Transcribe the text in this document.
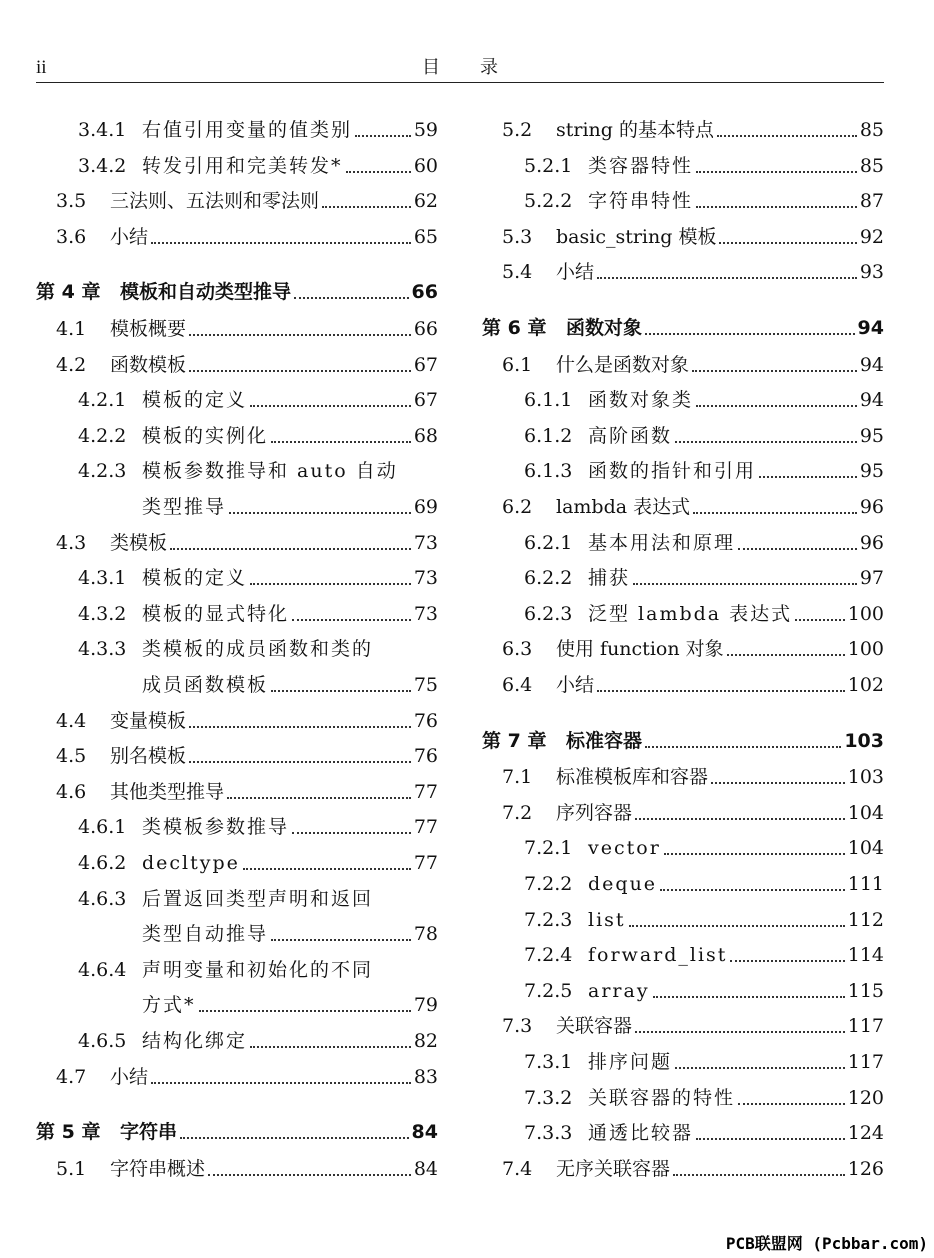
ii	目录
3.4.1 右值引用变量的值类别	59
3.4.2 转发引用和完美转发*	60
3.5	三法则、五法则和零法则	62
3.6	小结	65
第 4 章	模板和自动类型推导	66
4.1	模板概要	66
4.2	函数模板	67
4.2.1 模板的定义	67
4.2.2 模板的实例化	68
4.2.3 模板参数推导和 auto 自动
类型推导	69
4.3	类模板	73
4.3.1 模板的定义	73
4.3.2 模板的显式特化	73
4.3.3 类模板的成员函数和类的
成员函数模板	75
4.4	变量模板	76
4.5	别名模板	76
4.6	其他类型推导	77
4.6.1 类模板参数推导	77
4.6.2 decltype	77
4.6.3 后置返回类型声明和返回
类型自动推导	78
4.6.4 声明变量和初始化的不同
方式*	79
4.6.5 结构化绑定	82
4.7	小结	83
第 5 章	字符串	84
5.1	字符串概述	84
5.2	string 的基本特点	85
5.2.1 类容器特性	85
5.2.2 字符串特性	87
5.3	basic_string 模板	92
5.4	小结	93
第 6 章	函数对象	94
6.1	什么是函数对象	94
6.1.1 函数对象类	94
6.1.2 高阶函数	95
6.1.3 函数的指针和引用	95
6.2	lambda 表达式	96
6.2.1 基本用法和原理	96
6.2.2 捕获	97
6.2.3 泛型 lambda 表达式	100
6.3	使用 function 对象	100
6.4	小结	102
第 7 章	标准容器	103
7.1	标准模板库和容器	103
7.2	序列容器	104
7.2.1 vector	104
7.2.2 deque	111
7.2.3 list	112
7.2.4 forward_list	114
7.2.5 array	115
7.3	关联容器	117
7.3.1 排序问题	117
7.3.2 关联容器的特性	120
7.3.3 通透比较器	124
7.4	无序关联容器	126
PCB联盟网 (Pcbbar.com)
